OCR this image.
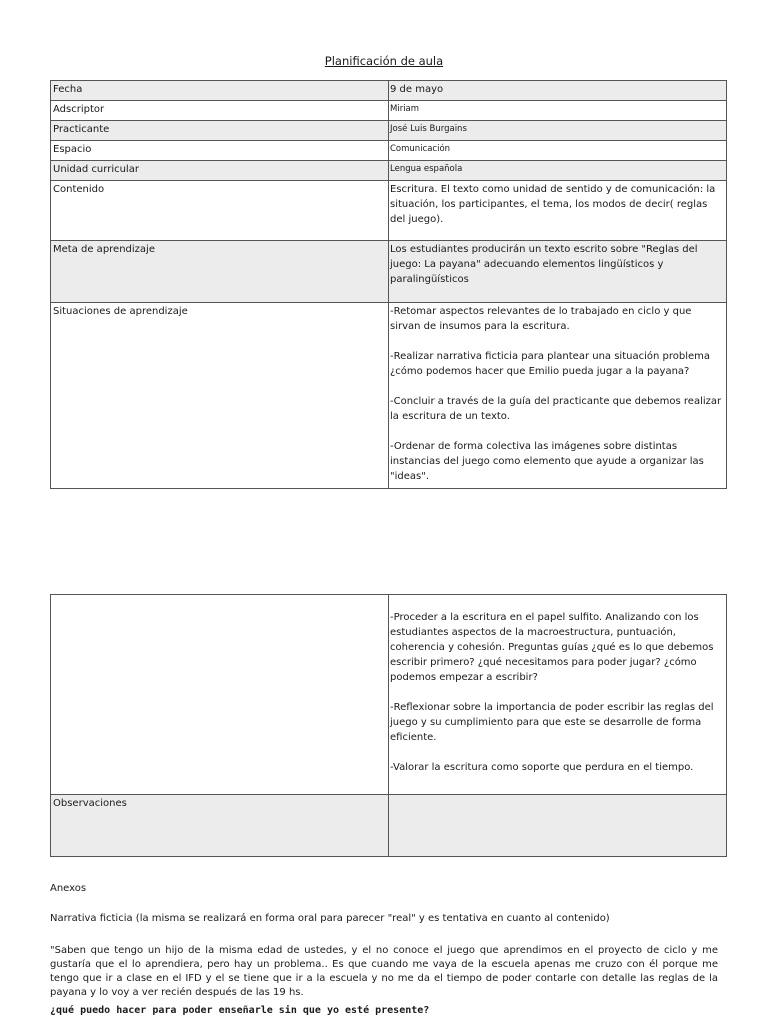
Planificación de aula
Fecha	9 de mayo
Adscriptor	Miriam
Practicante	José Luis Burgains
Espacio	Comunicación
Unidad curricular	Lengua española
Contenido	Escritura. El texto como unidad de sentido y de comunicación: la situación, los participantes, el tema, los modos de decir( reglas del juego).
Meta de aprendizaje	Los estudiantes producirán un texto escrito sobre "Reglas del juego: La payana" adecuando elementos lingüísticos y paralingüísticos
Situaciones de aprendizaje	-Retomar aspectos relevantes de lo trabajado en ciclo y que sirvan de insumos para la escritura.

-Realizar narrativa ficticia para plantear una situación problema ¿cómo podemos hacer que Emilio pueda jugar a la payana?

-Concluir a través de la guía del practicante que debemos realizar la escritura de un texto.

-Ordenar de forma colectiva las imágenes sobre distintas instancias del juego como elemento que ayude a organizar las "ideas".

	-Proceder a la escritura en el papel sulfito. Analizando con los estudiantes aspectos de la macroestructura, puntuación, coherencia y cohesión. Preguntas guías ¿qué es lo que debemos escribir primero? ¿qué necesitamos para poder jugar? ¿cómo podemos empezar a escribir?

-Reflexionar sobre la importancia de poder escribir las reglas del juego y su cumplimiento para que este se desarrolle de forma eficiente.

-Valorar la escritura como soporte que perdura en el tiempo.

Observaciones	
Anexos
Narrativa ficticia (la misma se realizará en forma oral para parecer "real" y es tentativa en cuanto al contenido)
"Saben que tengo un hijo de la misma edad de ustedes, y el no conoce el juego que aprendimos en el proyecto de ciclo y me gustaría que el lo aprendiera, pero hay un problema.. Es que cuando me vaya de la escuela apenas me cruzo con él porque me tengo que ir a clase en el IFD y el se tiene que ir a la escuela y no me da el tiempo de poder contarle con detalle las reglas de la payana y lo voy a ver recién después de las 19 hs.
¿qué puedo hacer para poder enseñarle sin que yo esté presente?
